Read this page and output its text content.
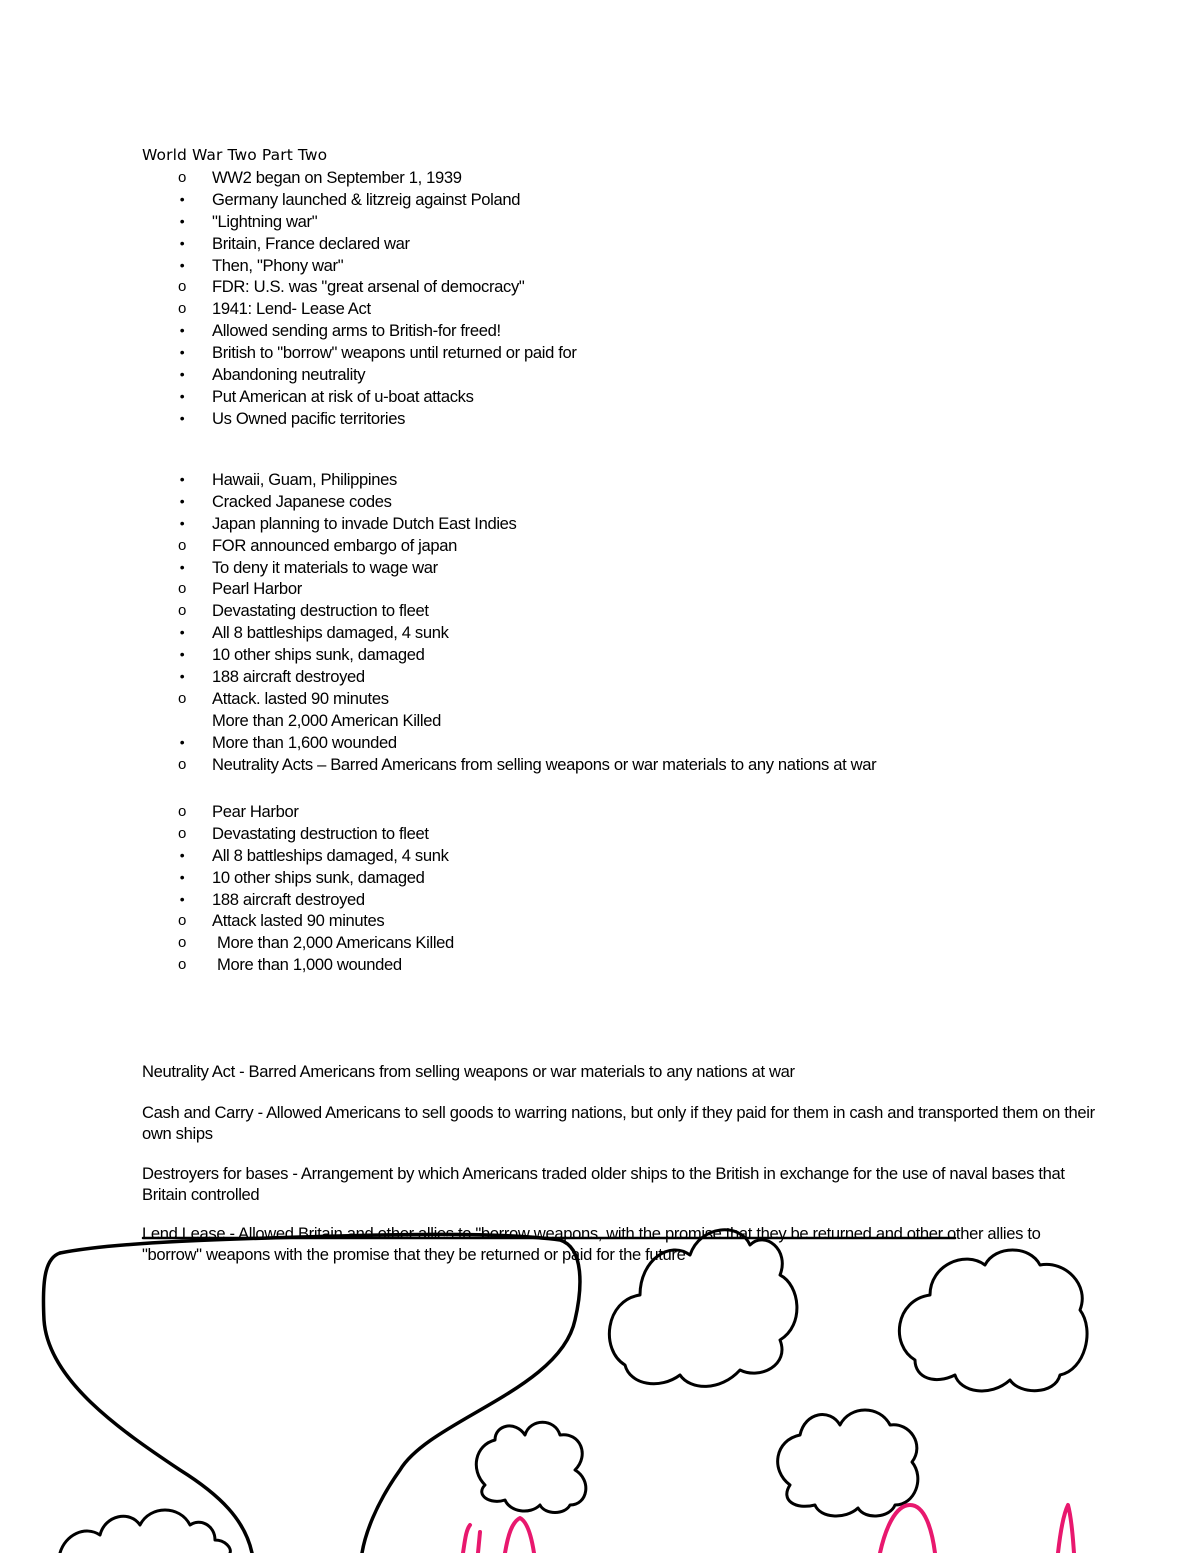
World War Two Part Two
o WW2 began on September 1, 1939
• Germany launched & litzreig against Poland
• "Lightning war"
• Britain, France declared war
• Then, "Phony war"
o FDR: U.S. was "great arsenal of democracy"
o 1941: Lend- Lease Act
• Allowed sending arms to British-for freed!
• British to "borrow" weapons until returned or paid for
• Abandoning neutrality
• Put American at risk of u-boat attacks
• Us Owned pacific territories
• Hawaii, Guam, Philippines
• Cracked Japanese codes
• Japan planning to invade Dutch East Indies
o FOR announced embargo of japan
• To deny it materials to wage war
o Pearl Harbor
o Devastating destruction to fleet
• All 8 battleships damaged, 4 sunk
• 10 other ships sunk, damaged
• 188 aircraft destroyed
o Attack. lasted 90 minutes
More than 2,000 American Killed
• More than 1,600 wounded
o Neutrality Acts – Barred Americans from selling weapons or war materials to any nations at war
o Pear Harbor
o Devastating destruction to fleet
• All 8 battleships damaged, 4 sunk
• 10 other ships sunk, damaged
• 188 aircraft destroyed
o Attack lasted 90 minutes
o More than 2,000 Americans Killed
o More than 1,000 wounded

Neutrality Act - Barred Americans from selling weapons or war materials to any nations at war

Cash and Carry - Allowed Americans to sell goods to warring nations, but only if they paid for them in cash and transported them on their own ships

Destroyers for bases - Arrangement by which Americans traded older ships to the British in exchange for the use of naval bases that Britain controlled

Lend Lease - Allowed Britain and other allies to "borrow weapons, with the promise that they be returned and other other allies to "borrow" weapons with the promise that they be returned or paid for the future
